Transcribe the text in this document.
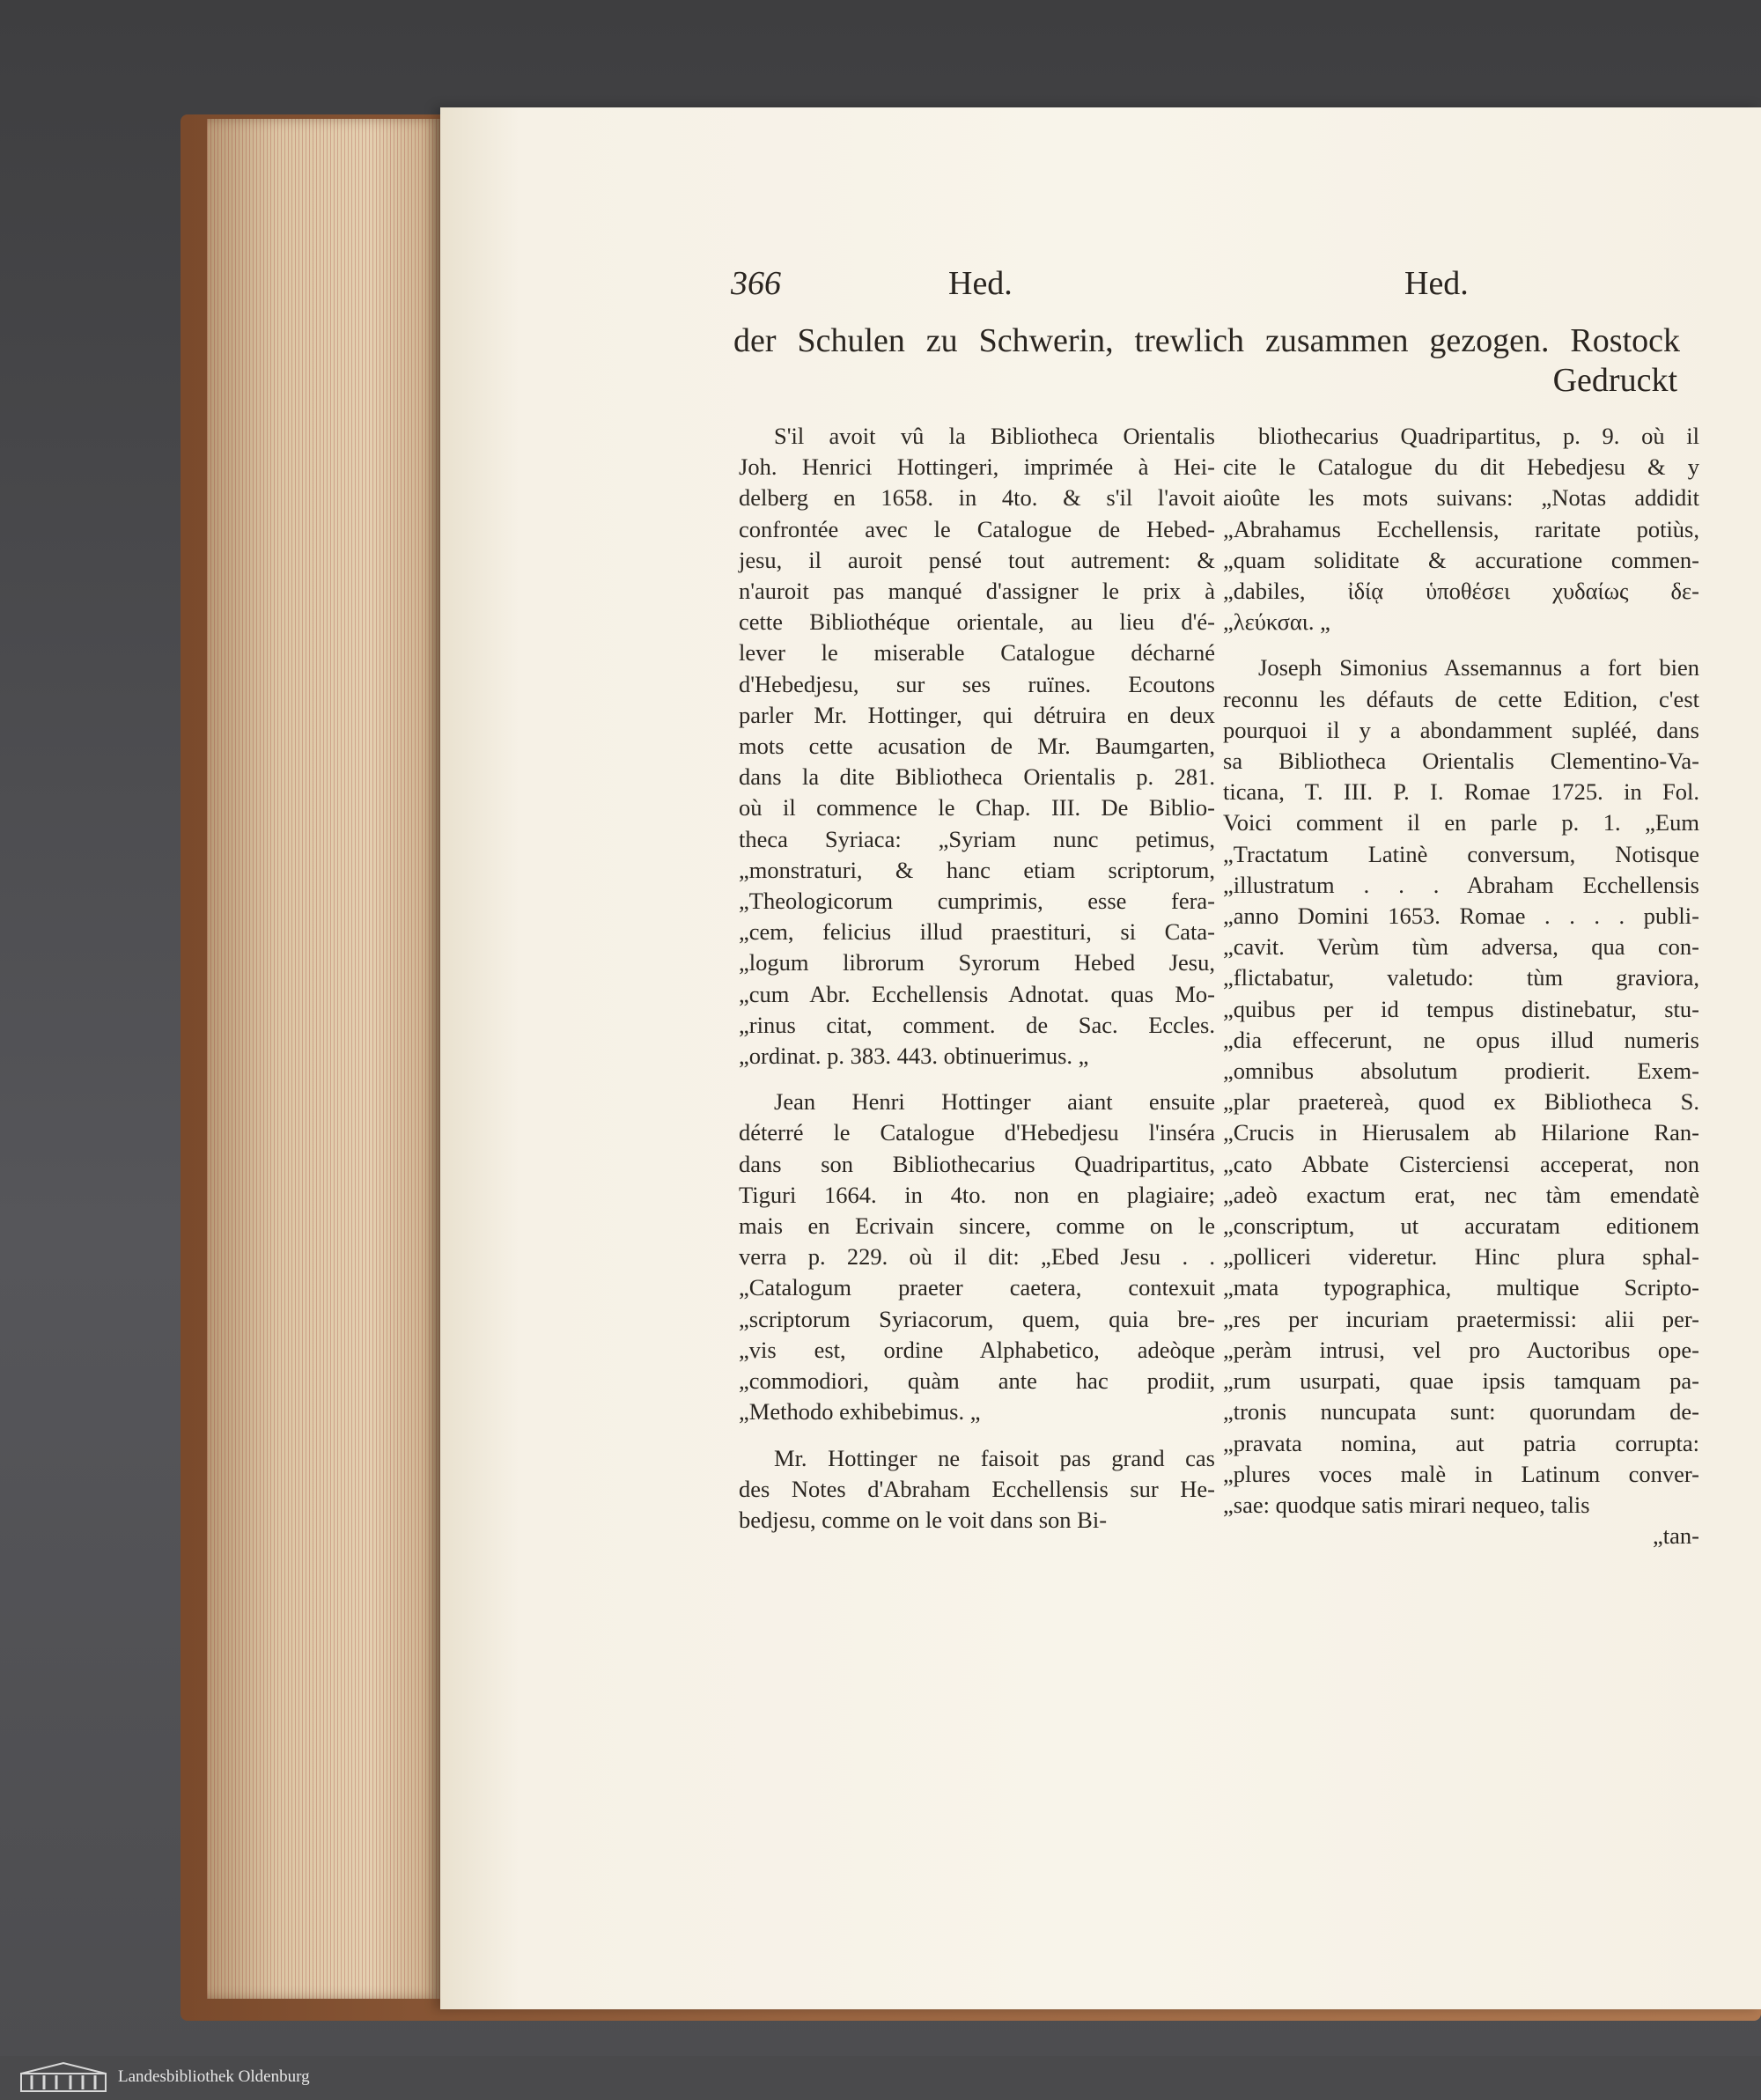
366	Hed.	Hed.
der Schulen zu Schwerin, trewlich zusammen gezogen. Rostock
Gedruckt
S'il avoit vû la Bibliotheca Orientalis
Joh. Henrici Hottingeri, imprimée à Hei-
delberg en 1658. in 4to. & s'il l'avoit
confrontée avec le Catalogue de Hebed-
jesu, il auroit pensé tout autrement: &
n'auroit pas manqué d'assigner le prix à
cette Bibliothéque orientale, au lieu d'é-
lever le miserable Catalogue décharné
d'Hebedjesu, sur ses ruïnes. Ecoutons
parler Mr. Hottinger, qui détruira en deux
mots cette acusation de Mr. Baumgarten,
dans la dite Bibliotheca Orientalis p. 281.
où il commence le Chap. III. De Biblio-
theca Syriaca: „Syriam nunc petimus,
„monstraturi, & hanc etiam scriptorum,
„Theologicorum cumprimis, esse fera-
„cem, felicius illud praestituri, si Cata-
„logum librorum Syrorum Hebed Jesu,
„cum Abr. Ecchellensis Adnotat. quas Mo-
„rinus citat, comment. de Sac. Eccles.
„ordinat. p. 383. 443. obtinuerimus. „
Jean Henri Hottinger aiant ensuite
déterré le Catalogue d'Hebedjesu l'inséra
dans son Bibliothecarius Quadripartitus,
Tiguri 1664. in 4to. non en plagiaire;
mais en Ecrivain sincere, comme on le
verra p. 229. où il dit: „Ebed Jesu . .
„Catalogum praeter caetera, contexuit
„scriptorum Syriacorum, quem, quia bre-
„vis est, ordine Alphabetico, adeòque
„commodiori, quàm ante hac prodiit,
„Methodo exhibebimus. „
Mr. Hottinger ne faisoit pas grand cas
des Notes d'Abraham Ecchellensis sur He-
bedjesu, comme on le voit dans son Bi-
bliothecarius Quadripartitus, p. 9. où il
cite le Catalogue du dit Hebedjesu & y
aioûte les mots suivans: „Notas addidit
„Abrahamus Ecchellensis, raritate potiùs,
„quam soliditate & accuratione commen-
„dabiles, ἰδίᾳ ὑποθέσει χυδαίως δε-
„λεύκσαι. „
Joseph Simonius Assemannus a fort bien
reconnu les défauts de cette Edition, c'est
pourquoi il y a abondamment supléé, dans
sa Bibliotheca Orientalis Clementino-Va-
ticana, T. III. P. I. Romae 1725. in Fol.
Voici comment il en parle p. 1. „Eum
„Tractatum Latinè conversum, Notisque
„illustratum . . . Abraham Ecchellensis
„anno Domini 1653. Romae . . . . publi-
„cavit. Verùm tùm adversa, qua con-
„flictabatur, valetudo: tùm graviora,
„quibus per id tempus distinebatur, stu-
„dia effecerunt, ne opus illud numeris
„omnibus absolutum prodierit. Exem-
„plar praetereà, quod ex Bibliotheca S.
„Crucis in Hierusalem ab Hilarione Ran-
„cato Abbate Cisterciensi acceperat, non
„adeò exactum erat, nec tàm emendatè
„conscriptum, ut accuratam editionem
„polliceri videretur. Hinc plura sphal-
„mata typographica, multique Scripto-
„res per incuriam praetermissi: alii per-
„peràm intrusi, vel pro Auctoribus ope-
„rum usurpati, quae ipsis tamquam pa-
„tronis nuncupata sunt: quorundam de-
„pravata nomina, aut patria corrupta:
„plures voces malè in Latinum conver-
„sae: quodque satis mirari nequeo, talis
„tan-
Landesbibliothek Oldenburg
